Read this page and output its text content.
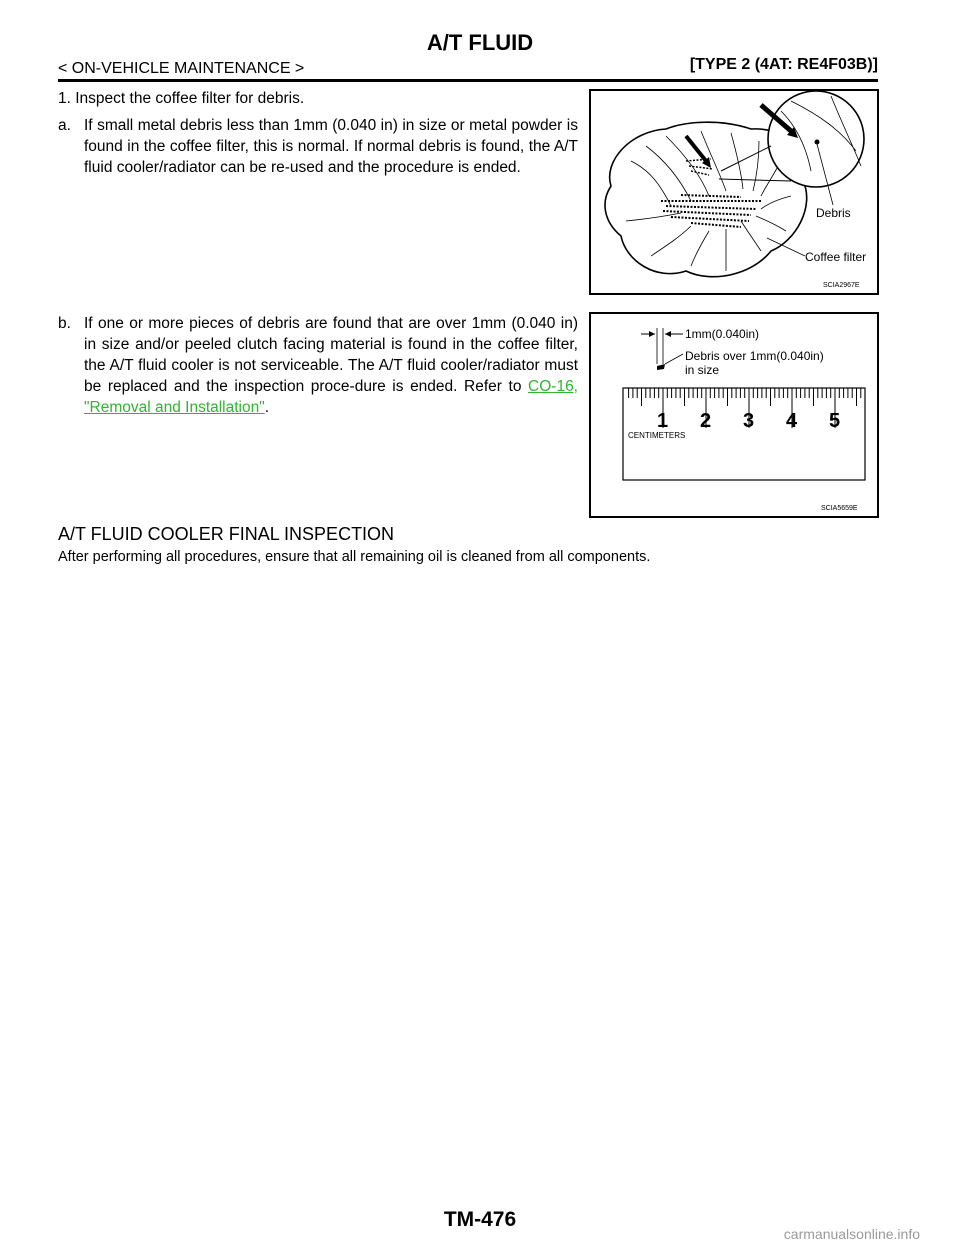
A/T FLUID
< ON-VEHICLE MAINTENANCE >	[TYPE 2 (4AT: RE4F03B)]
1. Inspect the coffee filter for debris.
a. If small metal debris less than 1mm (0.040 in) in size or metal powder is found in the coffee filter, this is normal. If normal debris is found, the A/T fluid cooler/radiator can be re-used and the procedure is ended.
b. If one or more pieces of debris are found that are over 1mm (0.040 in) in size and/or peeled clutch facing material is found in the coffee filter, the A/T fluid cooler is not serviceable. The A/T fluid cooler/radiator must be replaced and the inspection proce-dure is ended. Refer to CO-16, "Removal and Installation".
Debris
Coffee filter
SCIA2967E
1mm(0.040in)
Debris over 1mm(0.040in)
in size
1 2 3 4 5
CENTIMETERS
SCIA5659E
A/T FLUID COOLER FINAL INSPECTION
After performing all procedures, ensure that all remaining oil is cleaned from all components.
TM-476
carmanualsonline.info
